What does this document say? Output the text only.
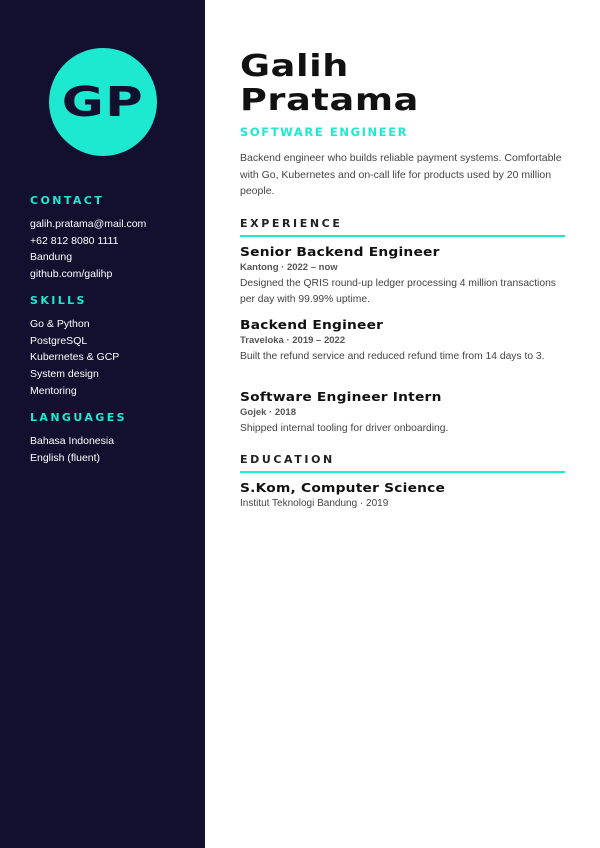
GP
CONTACT
galih.pratama@mail.com
+62 812 8080 1111
Bandung
github.com/galihp
SKILLS
Go & Python
PostgreSQL
Kubernetes & GCP
System design
Mentoring
LANGUAGES
Bahasa Indonesia
English (fluent)
Galih
Pratama
SOFTWARE ENGINEER

Backend engineer who builds reliable payment systems. Comfortable with Go, Kubernetes and on-call life for products used by 20 million people.

EXPERIENCE
Senior Backend Engineer
Kantong · 2022 – now
Designed the QRIS round-up ledger processing 4 million transactions per day with 99.99% uptime.
Backend Engineer
Traveloka · 2019 – 2022
Built the refund service and reduced refund time from 14 days to 3.
Software Engineer Intern
Gojek · 2018
Shipped internal tooling for driver onboarding.
EDUCATION
S.Kom, Computer Science
Institut Teknologi Bandung · 2019
